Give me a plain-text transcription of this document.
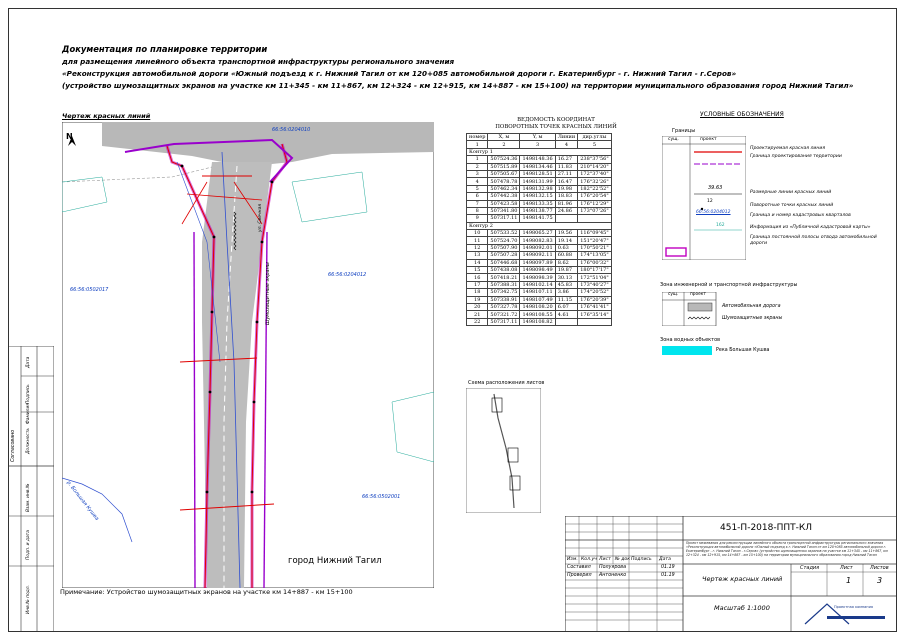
Документация по планировке территории
для размещения линейного объекта транспортной инфраструктуры регионального значения
«Реконструкция автомобильной дороги «Южный подъезд к г. Нижний Тагил от км 120+085 автомобильной дороги г. Екатеринбург - г. Нижний Тагил - г.Серов»
(устройство шумозащитных экранов на участке км 11+345 - км 11+867, км 12+324 - км 12+915, км 14+887 - км 15+100) на территории муниципального образования город Нижний Тагил»
Чертеж красных линий
N
66:56:0204010
66:56:0204012
66:56:0502017
66:56:0502001
город Нижний Тагил
р. Большая Кушва
ул. Свечная
Шумозащитные экраны
Примечание: Устройство шумозащитных экранов на участке км 14+887 - км 15+100
ВЕДОМОСТЬ КООРДИНАТ
ПОВОРОТНЫХ ТОЧЕК КРАСНЫХ ЛИНИЙ
номер	X, м	Y, м	Линии	дир.углы
1	2	3	4	5
Контур 1				
1	507524.36	1498148.36	16.27	238°37'56"
2	507515.89	1498134.46	11.83	210°14'20"
3	507505.67	1498128.51	27.11	172°37'40"
4	507478.78	1498131.99	16.47	176°32'26"
5	507462.34	1498132.98	19.98	182°22'52"
6	507442.38	1498132.15	18.83	176°20'54"
7	507423.58	1498133.35	81.96	176°12'29"
8	507341.80	1498138.77	24.86	173°07'26"
9	507317.11	1498141.75		
Контур 2				
10	507533.52	1498065.27	19.56	116°09'45"
11	507524.70	1498082.83	19.14	151°20'47"
12	507507.90	1498092.01	0.63	170°50'21"
13	507507.28	1498092.11	60.88	174°13'05"
14	507446.68	1498097.89	8.62	176°00'32"
15	507438.08	1498098.49	19.87	180°17'17"
16	507418.21	1498098.39	30.13	172°51'04"
17	507388.31	1498102.14	45.83	173°40'27"
18	507342.75	1498107.11	3.86	174°20'52"
19	507338.91	1498107.49	11.15	176°20'39"
20	507327.78	1498108.20	6.07	176°41'41"
21	507321.72	1498108.55	4.61	176°35'14"
22	507317.11	1498108.82		
УСЛОВНЫЕ ОБОЗНАЧЕНИЯ
Границы
сущ.	проект
39.63
12
66:56:0204012
162
Проектируемая красная линия
Граница проектирования территории
Размерные линии красных линий
Поворотные точки красных линий
Граница и номер кадастровых кварталов
Информация из «Публичной кадастровой карты»
Граница постоянной полосы отвода автомобильной дороги
Зона инженерной и транспортной инфраструктуры
сущ.	проект
Автомобильная дорога
Шумозащитные экраны
Зона водных объектов
Река Большая Кушва
Схема расположения листов
451-П-2018-ППТ-КЛ
Проект межевания для реконструкции линейного объекта транспортной инфраструктуры регионального значения «Реконструкция автомобильной дороги «Южный подъезд к г. Нижний Тагил от км 120+085 автомобильной дороги г. Екатеринбург - г. Нижний Тагил - г.Серов» (устройство шумозащитных экранов на участке км 11+345 - км 11+867, км 12+324 - км 12+915, км 14+887 - км 15+100) на территории муниципального образования город Нижний Тагил
Изм. Кол.уч Лист № док Подпись Дата
Составил Полуярова	01.19
Проверил Антоненко	01.19	Чертеж красных линий
Стадия	Лист	Листов
1	3
Масштаб 1:1000	Проектная компания
Согласовано Должность
Фамилия
Подпись
Дата
Взам. инв.№
Подп. и дата
Инв.№ подл.
